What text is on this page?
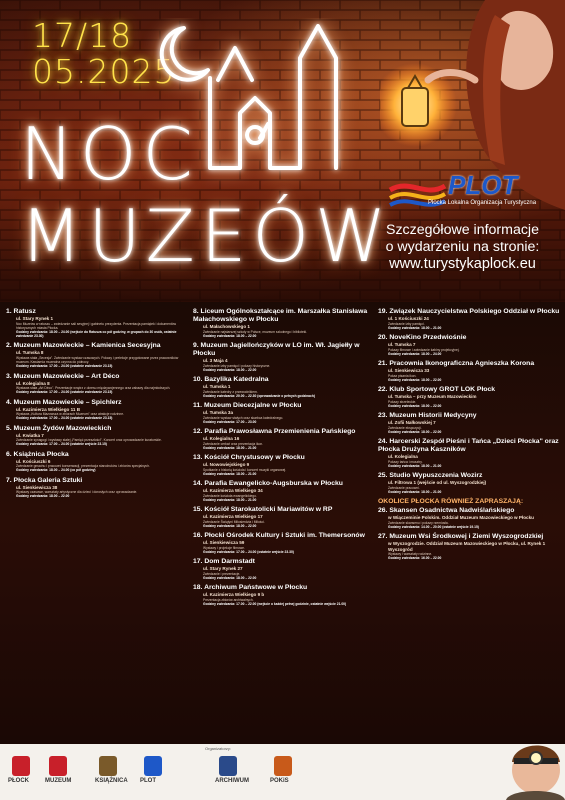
17/18
05.2025
NOC
MUZEÓW
PLOT
Płocka Lokalna Organizacja Turystyczna
Szczegółowe informacje
o wydarzeniu na stronie:
www.turystykaplock.eu
1. Ratusz
ul. Stary Rynek 1
Noc Muzeów w ratuszu – zwiedzanie sali sesyjnej i gabinetu prezydenta. Prezentacja pamiątek i dokumentów historycznych miasta Płocka.
Godziny zwiedzania: 18.00 – 24.00 (wejście do Ratusza co pół godziny, w grupach do 30 osób, ostatnie zwiedzanie 23.30)
2. Muzeum Mazowieckie – Kamienica Secesyjna
ul. Tumska 8
Wystawa stała „Secesja". Zwiedzanie wystaw czasowych. Pokazy i prelekcje przygotowane przez pracowników muzeum. Kawiarnia muzealna czynna do północy.
Godziny zwiedzania: 17.00 – 24.00 (ostatnie zwiedzanie 23.15)
3. Muzeum Mazowieckie – Art Déco
ul. Kolegialna 8
Wystawa stała „Art Déco". Prezentacje wnętrz z okresu międzywojennego oraz zabawy dla najmłodszych.
Godziny zwiedzania: 17.00 – 24.00 (ostatnie zwiedzanie 23.15)
4. Muzeum Mazowieckie – Spichlerz
ul. Kazimierza Wielkiego 11 B
Wystawa „Kultura Mazowsza w zbiorach Muzeum" oraz atrakcje rodzinne.
Godziny zwiedzania: 17.00 – 24.00 (ostatnie zwiedzanie 23.15)
5. Muzeum Żydów Mazowieckich
ul. Kwiatka 7
Zwiedzanie synagogi i wystawy stałej „Pamięć przeszłości". Koncert oraz oprowadzanie kuratorskie.
Godziny zwiedzania: 17.00 – 24.00 (ostatnie wejście 23.15)
6. Książnica Płocka
ul. Kościuszki 6
Zwiedzanie gmachu i pracowni konserwacji, prezentacja starodruków i zbiorów specjalnych.
Godziny zwiedzania: 18.00 – 24.00 (co pół godziny)
7. Płocka Galeria Sztuki
ul. Sienkiewicza 38
Wystawy czasowe, warsztaty artystyczne dla dzieci i dorosłych oraz oprowadzanie.
Godziny zwiedzania: 18.00 – 22.00
8. Liceum Ogólnokształcące im. Marszałka Stanisława Małachowskiego w Płocku
ul. Małachowskiego 1
Zwiedzanie najstarszej szkoły w Polsce, muzeum szkolnego i biblioteki.
Godziny zwiedzania: 18.00 – 22.00
9. Muzeum Jagiellończyków w LO im. Wł. Jagiełły w Płocku
ul. 3 Maja 4
Zwiedzanie izby pamięci i pokazy historyczne.
Godziny zwiedzania: 18.00 – 22.00
10. Bazylika Katedralna
ul. Tumska 1
Zwiedzanie katedry z przewodnikiem.
Godziny zwiedzania: 20.00 – 22.30 (oprowadzanie o pełnych godzinach)
11. Muzeum Diecezjalne w Płocku
ul. Tumska 3a
Zwiedzanie wystaw stałych oraz skarbca katedralnego.
Godziny zwiedzania: 17.00 – 23.00
12. Parafia Prawosławna Przemienienia Pańskiego
ul. Kolegialna 16
Zwiedzanie cerkwi oraz prezentacja ikon.
Godziny zwiedzania: 18.00 – 21.00
13. Kościół Chrystusowy w Płocku
ul. Nowowiejskiego 9
Spotkanie z historią kościoła i koncert muzyki organowej.
Godziny zwiedzania: 18.00 – 21.00
14. Parafia Ewangelicko-Augsburska w Płocku
ul. Kazimierza Wielkiego 34
Zwiedzanie kościoła ewangelickiego.
Godziny zwiedzania: 18.00 – 21.00
15. Kościół Starokatolicki Mariawitów w RP
ul. Kazimierza Wielkiego 17
Zwiedzanie Świątyni Miłosierdzia i Miłości.
Godziny zwiedzania: 18.00 – 22.00
16. Płocki Ośrodek Kultury i Sztuki im. Themersonów
ul. Sienkiewicza 59
Wystawy i projekcje filmowe.
Godziny zwiedzania: 17.00 – 24.00 (ostatnie wejście 23.30)
17. Dom Darmstadt
ul. Stary Rynek 27
Zwiedzanie i prezentacje.
Godziny zwiedzania: 18.00 – 22.00
18. Archiwum Państwowe w Płocku
ul. Kazimierza Wielkiego 9 b
Prezentacja zbiorów archiwalnych.
Godziny zwiedzania: 17.00 – 22.00 (wejście o każdej pełnej godzinie, ostatnie wejście 21.00)
19. Związek Nauczycielstwa Polskiego Oddział w Płocku
ul. 1 Kościuszki 24
Zwiedzanie izby pamięci.
Godziny zwiedzania: 18.00 – 21.00
20. NoveKino Przedwiośnie
ul. Tumska 7
Pokazy filmowe i zwiedzanie kabiny projekcyjnej.
Godziny zwiedzania: 18.00 – 24.00
21. Pracownia Ikonograficzna Agnieszka Korona
ul. Sienkiewicza 33
Pokaz pisania ikon.
Godziny zwiedzania: 18.00 – 22.00
22. Klub Sportowy GROT LOK Płock
ul. Tumska – przy Muzeum Mazowieckim
Pokazy strzeleckie.
Godziny zwiedzania: 18.00 – 22.00
23. Muzeum Historii Medycyny
ul. Zofii Nałkowskiej 7
Zwiedzanie ekspozycji.
Godziny zwiedzania: 18.00 – 22.00
24. Harcerski Zespół Pieśni i Tańca „Dzieci Płocka" oraz Płocka Drużyna Kaszników
ul. Kolegialna
Pokazy tańca i musztry.
Godziny zwiedzania: 18.00 – 21.00
25. Studio Wypuszczenia Wozirz
ul. Filtrowa 1 (wejście od ul. Wyszogrodzkiej)
Zwiedzanie pracowni.
Godziny zwiedzania: 18.00 – 21.00
OKOLICE PŁOCKA RÓWNIEŻ ZAPRASZAJĄ:
26. Skansen Osadnictwa Nadwiślańskiego
w Wiączeminie Polskim. Oddział Muzeum Mazowieckiego w Płocku
Zwiedzanie skansenu i pokazy rzemiosła.
Godziny zwiedzania: 14.00 – 20.00 (ostatnie wejście 19.15)
27. Muzeum Wsi Środkowej i Ziemi Wyszogrodzkiej
w Wyszogrodzie. Oddział Muzeum Mazowieckiego w Płocku, ul. Rynek 1 Wyszogród
Wystawy i warsztaty rodzinne.
Godziny zwiedzania: 16.00 – 22.00
Organizatorzy:
PŁOCK	MUZEUM	KSIĄŻNICA PLOT	ARCHIWUM	POKiS
